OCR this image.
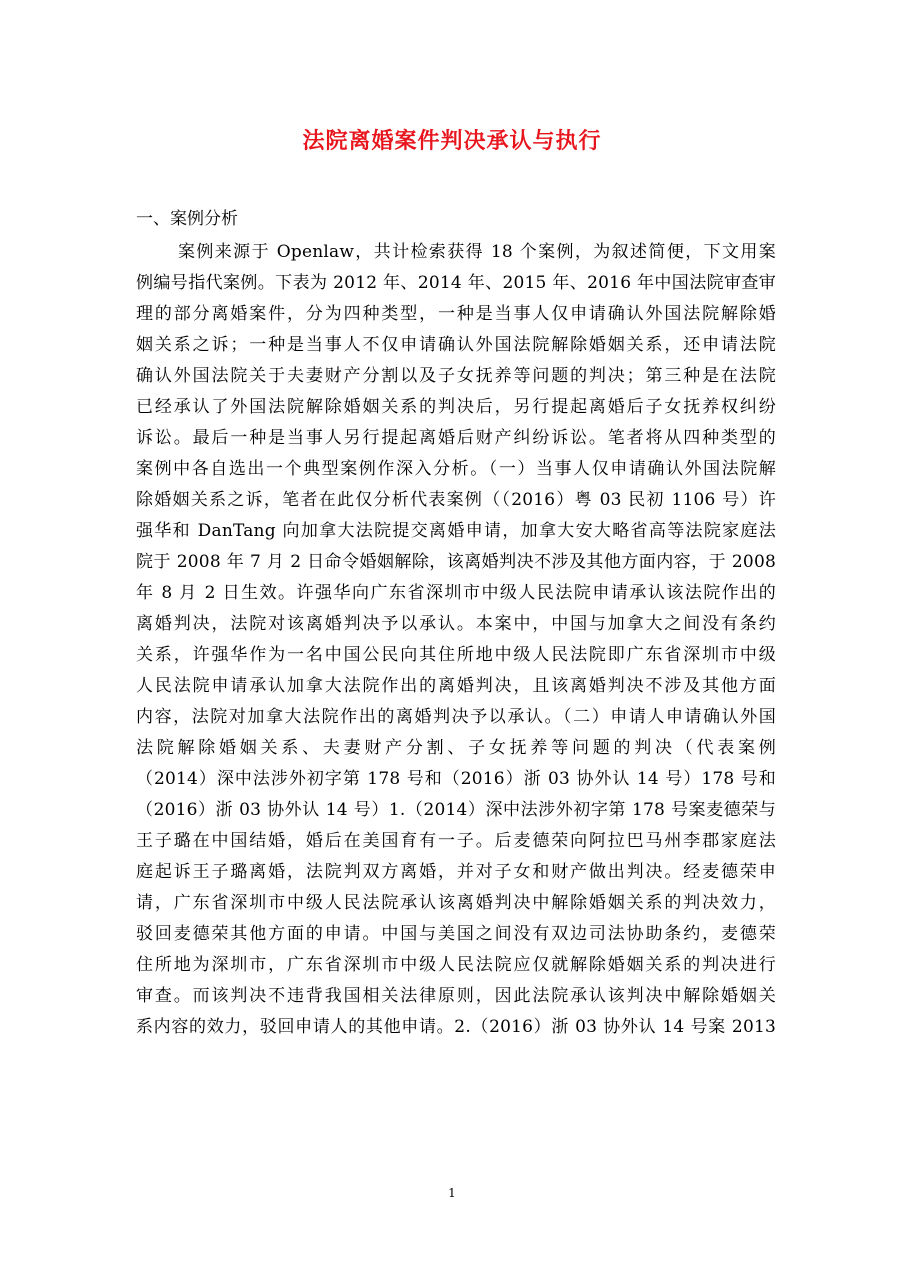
法院离婚案件判决承认与执行
一、案例分析
案例来源于 Openlaw，共计检索获得 18 个案例，为叙述简便，下文用案
例编号指代案例。下表为 2012 年、2014 年、2015 年、2016 年中国法院审查审
理的部分离婚案件，分为四种类型，一种是当事人仅申请确认外国法院解除婚
姻关系之诉；一种是当事人不仅申请确认外国法院解除婚姻关系，还申请法院
确认外国法院关于夫妻财产分割以及子女抚养等问题的判决；第三种是在法院
已经承认了外国法院解除婚姻关系的判决后，另行提起离婚后子女抚养权纠纷
诉讼。最后一种是当事人另行提起离婚后财产纠纷诉讼。笔者将从四种类型的
案例中各自选出一个典型案例作深入分析。（一）当事人仅申请确认外国法院解
除婚姻关系之诉，笔者在此仅分析代表案例（（2016）粤 03 民初 1106 号）许
强华和 DanTang 向加拿大法院提交离婚申请，加拿大安大略省高等法院家庭法
院于 2008 年 7 月 2 日命令婚姻解除，该离婚判决不涉及其他方面内容，于 2008
年 8 月 2 日生效。许强华向广东省深圳市中级人民法院申请承认该法院作出的
离婚判决，法院对该离婚判决予以承认。本案中，中国与加拿大之间没有条约
关系，许强华作为一名中国公民向其住所地中级人民法院即广东省深圳市中级
人民法院申请承认加拿大法院作出的离婚判决，且该离婚判决不涉及其他方面
内容，法院对加拿大法院作出的离婚判决予以承认。（二）申请人申请确认外国
法院解除婚姻关系、夫妻财产分割、子女抚养等问题的判决（代表案例
（2014）深中法涉外初字第 178 号和（2016）浙 03 协外认 14 号）178 号和
（2016）浙 03 协外认 14 号）1.（2014）深中法涉外初字第 178 号案麦德荣与
王子璐在中国结婚，婚后在美国育有一子。后麦德荣向阿拉巴马州李郡家庭法
庭起诉王子璐离婚，法院判双方离婚，并对子女和财产做出判决。经麦德荣申
请，广东省深圳市中级人民法院承认该离婚判决中解除婚姻关系的判决效力，
驳回麦德荣其他方面的申请。中国与美国之间没有双边司法协助条约，麦德荣
住所地为深圳市，广东省深圳市中级人民法院应仅就解除婚姻关系的判决进行
审查。而该判决不违背我国相关法律原则，因此法院承认该判决中解除婚姻关
系内容的效力，驳回申请人的其他申请。2.（2016）浙 03 协外认 14 号案 2013
1
